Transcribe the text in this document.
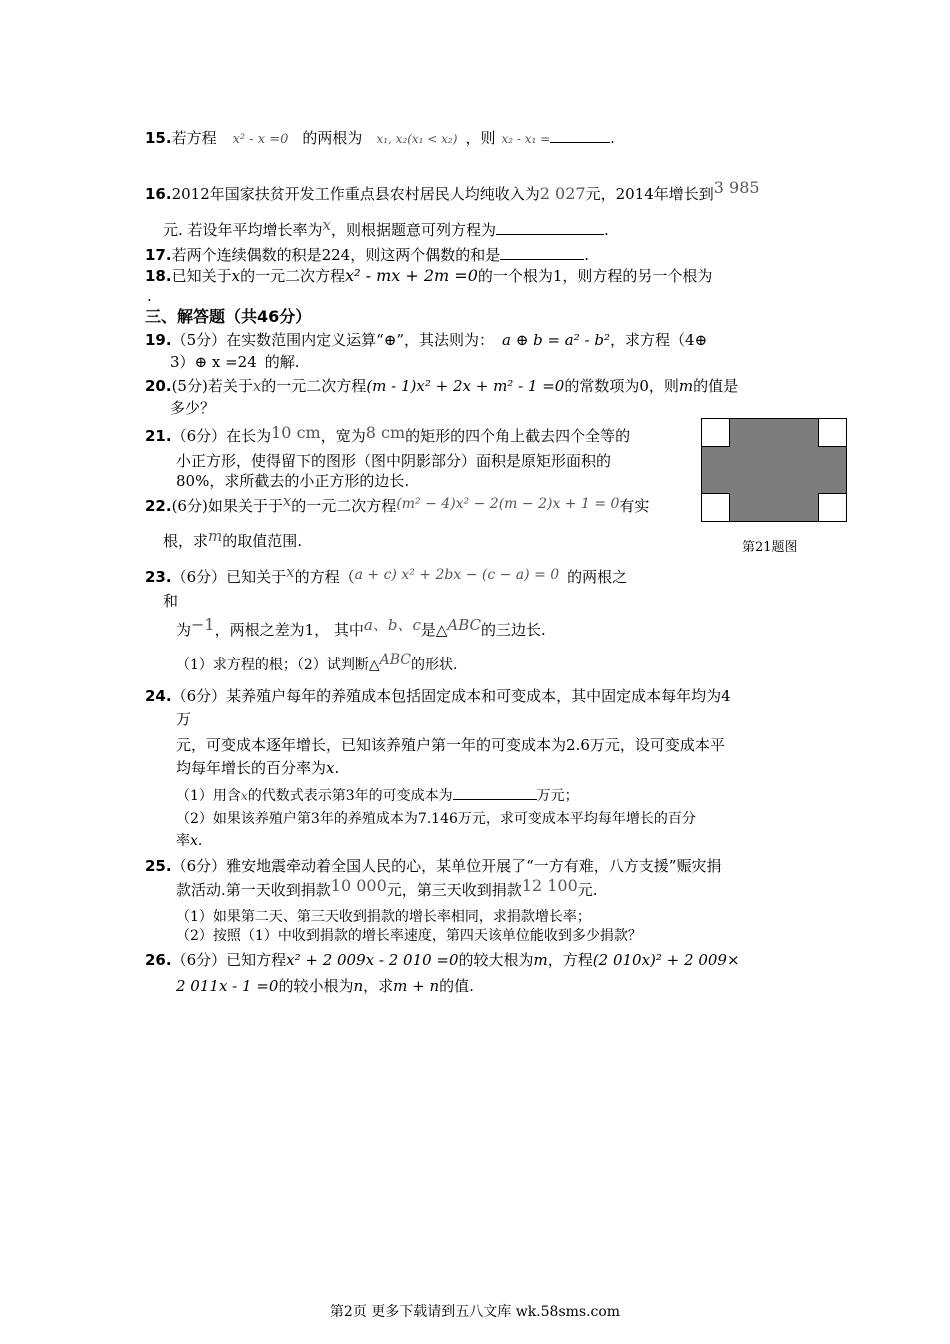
15.若方程 x² - x =0 的两根为 x₁, x₂(x₁ < x₂) ，则 x₂ - x₁ =	.
16.2012年国家扶贫开发工作重点县农村居民人均纯收入为2 027元，2014年增长到3 985
元. 若设年平均增长率为x，则根据题意可列方程为	.
17.若两个连续偶数的积是224，则这两个偶数的和是	.
18.已知关于x的一元二次方程x² - mx + 2m =0的一个根为1，则方程的另一个根为
.
三、解答题（共46分）
19.（5分）在实数范围内定义运算“⊕”，其法则为： a ⊕ b = a² - b²，求方程（4⊕
3）⊕ x =24 的解.
20.(5分)若关于x的一元二次方程(m - 1)x² + 2x + m² - 1 =0的常数项为0，则m的值是
多少？
21.（6分）在长为10 cm，宽为8 cm的矩形的四个角上截去四个全等的
小正方形，使得留下的图形（图中阴影部分）面积是原矩形面积的
80%，求所截去的小正方形的边长.
第21题图
22.(6分)如果关于于x的一元二次方程(m² − 4)x² − 2(m − 2)x + 1 = 0有实
根，求m的取值范围.
23.（6分）已知关于x的方程（a + c) x² + 2bx − (c − a) = 0 的两根之
和
为−1，两根之差为1， 其中a、b、c是△ABC的三边长.
（1）求方程的根；（2）试判断△ABC的形状.
24.（6分）某养殖户每年的养殖成本包括固定成本和可变成本，其中固定成本每年均为4
万
元，可变成本逐年增长，已知该养殖户第一年的可变成本为2.6万元，设可变成本平
均每年增长的百分率为x.
（1）用含x的代数式表示第3年的可变成本为	万元；
（2）如果该养殖户第3年的养殖成本为7.146万元，求可变成本平均每年增长的百分
率x.
25.（6分）雅安地震牵动着全国人民的心，某单位开展了“一方有难，八方支援”赈灾捐
款活动.第一天收到捐款10 000元，第三天收到捐款12 100元.
（1）如果第二天、第三天收到捐款的增长率相同，求捐款增长率；
（2）按照（1）中收到捐款的增长率速度，第四天该单位能收到多少捐款？
26.（6分）已知方程x² + 2 009x - 2 010 =0的较大根为m，方程(2 010x)² + 2 009×
2 011x - 1 =0的较小根为n，求m + n的值.
第2页 更多下载请到五八文库 wk.58sms.com
